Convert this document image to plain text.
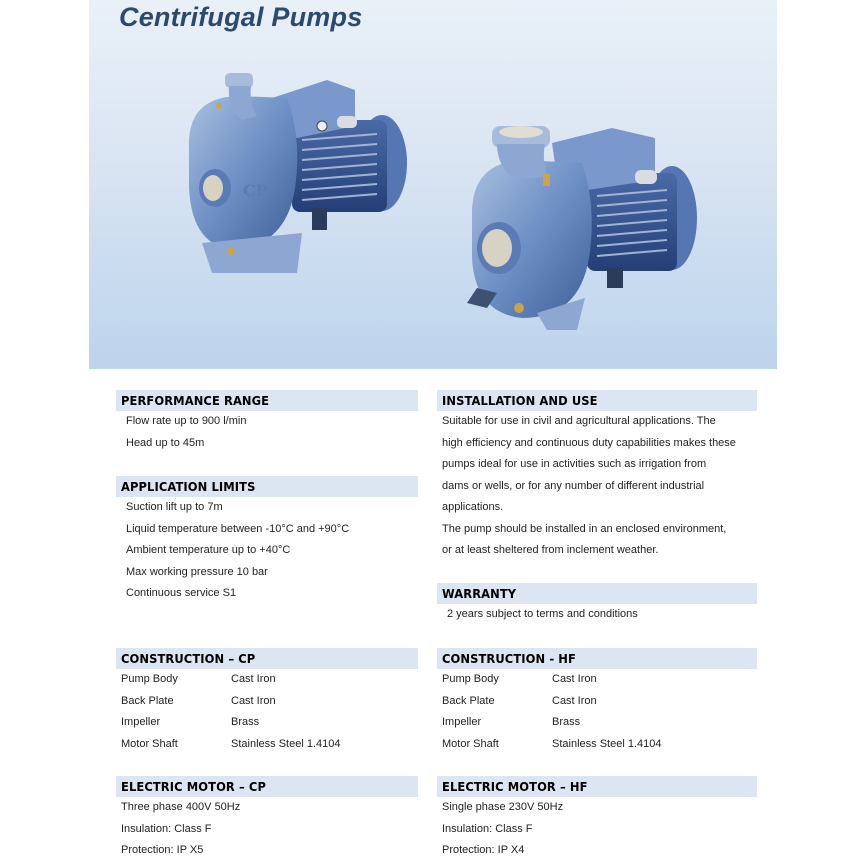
Centrifugal Pumps
CP
PERFORMANCE RANGE
Flow rate up to 900 l/min
Head up to 45m
APPLICATION LIMITS
Suction lift up to 7m
Liquid temperature between -10°C and +90°C
Ambient temperature up to +40°C
Max working pressure 10 bar
Continuous service S1
CONSTRUCTION – CP
Pump Body	Cast Iron
Back Plate	Cast Iron
Impeller	Brass
Motor Shaft	Stainless Steel 1.4104
ELECTRIC MOTOR – CP
Three phase 400V 50Hz
Insulation: Class F
Protection: IP X5
INSTALLATION AND USE
Suitable for use in civil and agricultural applications. The
high efficiency and continuous duty capabilities makes these
pumps ideal for use in activities such as irrigation from
dams or wells, or for any number of different industrial
applications.
The pump should be installed in an enclosed environment,
or at least sheltered from inclement weather.
WARRANTY
2 years subject to terms and conditions
CONSTRUCTION - HF
Pump Body	Cast Iron
Back Plate	Cast Iron
Impeller	Brass
Motor Shaft	Stainless Steel 1.4104
ELECTRIC MOTOR – HF
Single phase 230V 50Hz
Insulation: Class F
Protection: IP X4
